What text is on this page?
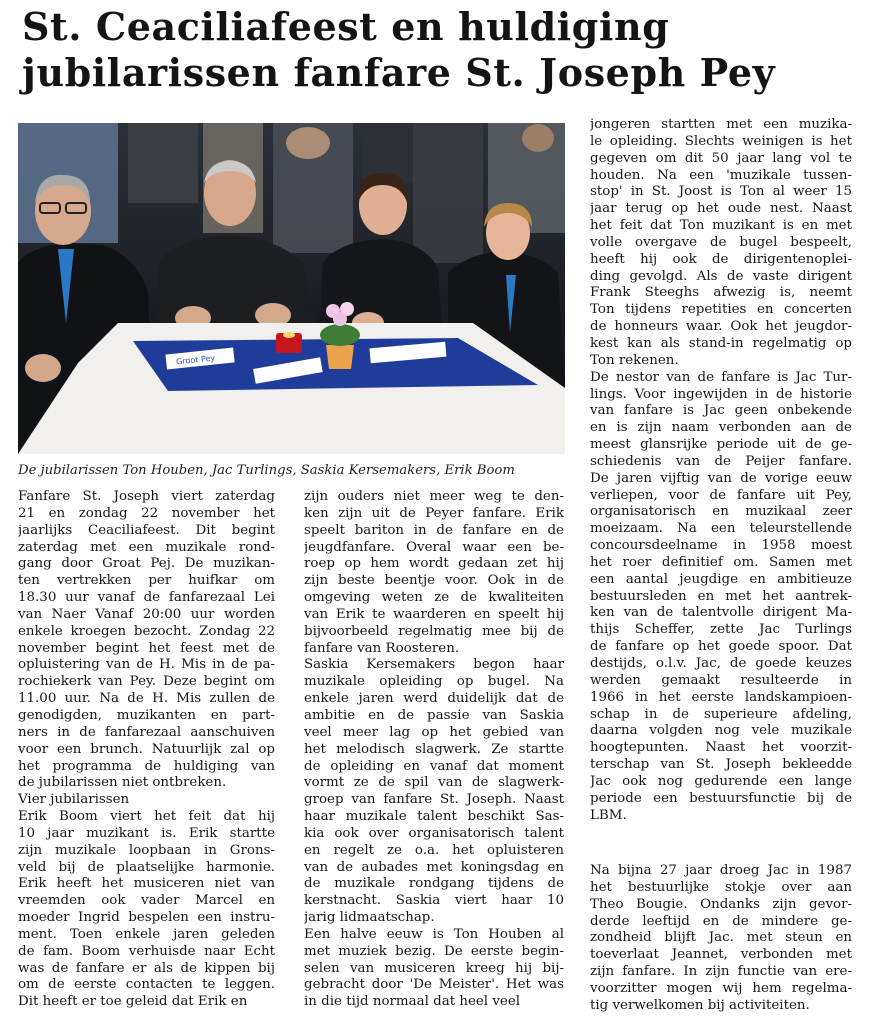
St. Ceaciliafeest en huldiging
jubilarissen fanfare St. Joseph Pey
Groot Pey
De jubilarissen Ton Houben, Jac Turlings, Saskia Kersemakers, Erik Boom
Fanfare St. Joseph viert zaterdag
21 en zondag 22 november het
jaarlijks Ceaciliafeest. Dit begint
zaterdag met een muzikale rond-
gang door Groat Pej. De muzikan-
ten vertrekken per huifkar om
18.30 uur vanaf de fanfarezaal Lei
van Naer Vanaf 20:00 uur worden
enkele kroegen bezocht. Zondag 22
november begint het feest met de
opluistering van de H. Mis in de pa-
rochiekerk van Pey. Deze begint om
11.00 uur. Na de H. Mis zullen de
genodigden, muzikanten en part-
ners in de fanfarezaal aanschuiven
voor een brunch. Natuurlijk zal op
het programma de huldiging van
de jubilarissen niet ontbreken.
Vier jubilarissen
Erik Boom viert het feit dat hij
10 jaar muzikant is. Erik startte
zijn muzikale loopbaan in Grons-
veld bij de plaatselijke harmonie.
Erik heeft het musiceren niet van
vreemden ook vader Marcel en
moeder Ingrid bespelen een instru-
ment. Toen enkele jaren geleden
de fam. Boom verhuisde naar Echt
was de fanfare er als de kippen bij
om de eerste contacten te leggen.
Dit heeft er toe geleid dat Erik en
zijn ouders niet meer weg te den-
ken zijn uit de Peyer fanfare. Erik
speelt bariton in de fanfare en de
jeugdfanfare. Overal waar een be-
roep op hem wordt gedaan zet hij
zijn beste beentje voor. Ook in de
omgeving weten ze de kwaliteiten
van Erik te waarderen en speelt hij
bijvoorbeeld regelmatig mee bij de
fanfare van Roosteren.
Saskia Kersemakers begon haar
muzikale opleiding op bugel. Na
enkele jaren werd duidelijk dat de
ambitie en de passie van Saskia
veel meer lag op het gebied van
het melodisch slagwerk. Ze startte
de opleiding en vanaf dat moment
vormt ze de spil van de slagwerk-
groep van fanfare St. Joseph. Naast
haar muzikale talent beschikt Sas-
kia ook over organisatorisch talent
en regelt ze o.a. het opluisteren
van de aubades met koningsdag en
de muzikale rondgang tijdens de
kerstnacht. Saskia viert haar 10
jarig lidmaatschap.
Een halve eeuw is Ton Houben al
met muziek bezig. De eerste begin-
selen van musiceren kreeg hij bij-
gebracht door 'De Meister'. Het was
in die tijd normaal dat heel veel
jongeren startten met een muzika-
le opleiding. Slechts weinigen is het
gegeven om dit 50 jaar lang vol te
houden. Na een 'muzikale tussen-
stop' in St. Joost is Ton al weer 15
jaar terug op het oude nest. Naast
het feit dat Ton muzikant is en met
volle overgave de bugel bespeelt,
heeft hij ook de dirigentenoplei-
ding gevolgd. Als de vaste dirigent
Frank Steeghs afwezig is, neemt
Ton tijdens repetities en concerten
de honneurs waar. Ook het jeugdor-
kest kan als stand-in regelmatig op
Ton rekenen.
De nestor van de fanfare is Jac Tur-
lings. Voor ingewijden in de historie
van fanfare is Jac geen onbekende
en is zijn naam verbonden aan de
meest glansrijke periode uit de ge-
schiedenis van de Peijer fanfare.
De jaren vijftig van de vorige eeuw
verliepen, voor de fanfare uit Pey,
organisatorisch en muzikaal zeer
moeizaam. Na een teleurstellende
concoursdeelname in 1958 moest
het roer definitief om. Samen met
een aantal jeugdige en ambitieuze
bestuursleden en met het aantrek-
ken van de talentvolle dirigent Ma-
thijs Scheffer, zette Jac Turlings
de fanfare op het goede spoor. Dat
destijds, o.l.v. Jac, de goede keuzes
werden gemaakt resulteerde in
1966 in het eerste landskampioen-
schap in de superieure afdeling,
daarna volgden nog vele muzikale
hoogtepunten. Naast het voorzit-
terschap van St. Joseph bekleedde
Jac ook nog gedurende een lange
periode een bestuursfunctie bij de
LBM.
Na bijna 27 jaar droeg Jac in 1987
het bestuurlijke stokje over aan
Theo Bougie. Ondanks zijn gevor-
derde leeftijd en de mindere ge-
zondheid blijft Jac. met steun en
toeverlaat Jeannet, verbonden met
zijn fanfare. In zijn functie van ere-
voorzitter mogen wij hem regelma-
tig verwelkomen bij activiteiten.
